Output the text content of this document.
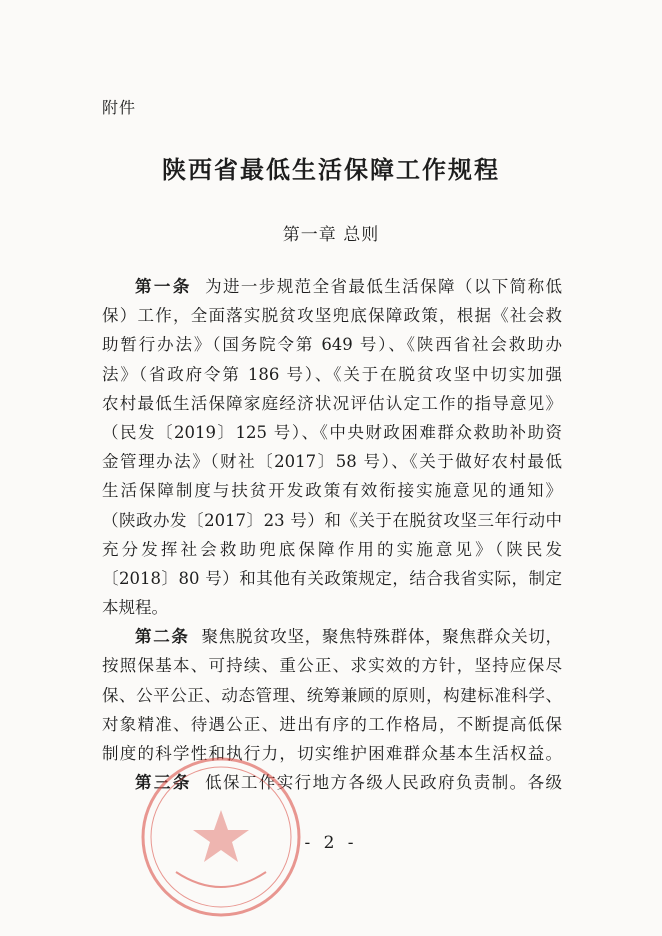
附件
陕西省最低生活保障工作规程
第一章 总则
第一条 为进一步规范全省最低生活保障（以下简称低
保）工作，全面落实脱贫攻坚兜底保障政策，根据《社会救
助暂行办法》（国务院令第 649 号）、《陕西省社会救助办
法》（省政府令第 186 号）、《关于在脱贫攻坚中切实加强
农村最低生活保障家庭经济状况评估认定工作的指导意见》
（民发〔2019〕125 号）、《中央财政困难群众救助补助资
金管理办法》（财社〔2017〕58 号）、《关于做好农村最低
生活保障制度与扶贫开发政策有效衔接实施意见的通知》
（陕政办发〔2017〕23 号）和《关于在脱贫攻坚三年行动中
充分发挥社会救助兜底保障作用的实施意见》（陕民发
〔2018〕80 号）和其他有关政策规定，结合我省实际，制定
本规程。
第二条 聚焦脱贫攻坚，聚焦特殊群体，聚焦群众关切，
按照保基本、可持续、重公正、求实效的方针，坚持应保尽
保、公平公正、动态管理、统筹兼顾的原则，构建标准科学、
对象精准、待遇公正、进出有序的工作格局，不断提高低保
制度的科学性和执行力，切实维护困难群众基本生活权益。
第三条 低保工作实行地方各级人民政府负责制。各级
- 2 -
